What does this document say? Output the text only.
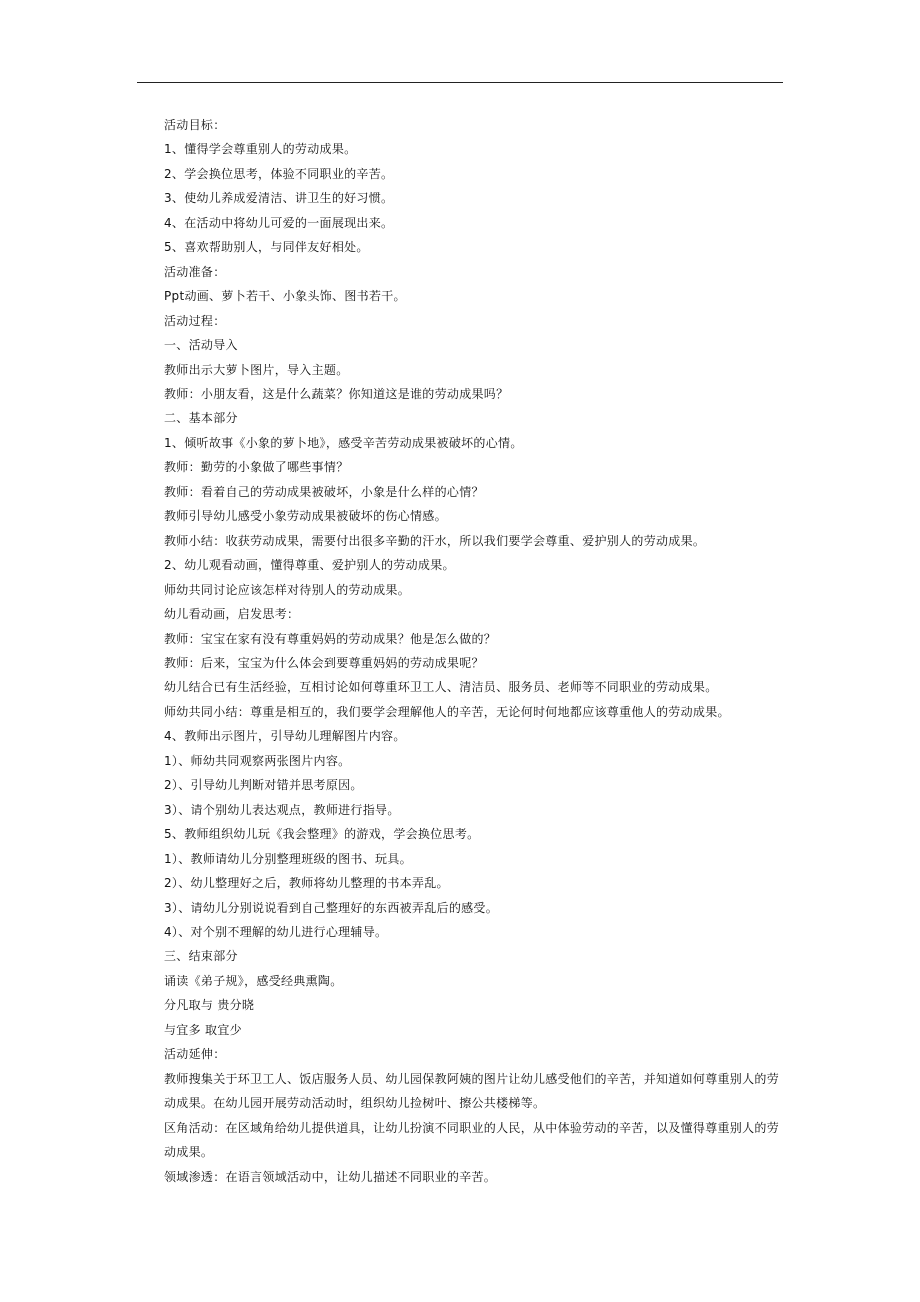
活动目标：
1、懂得学会尊重别人的劳动成果。
2、学会换位思考，体验不同职业的辛苦。
3、使幼儿养成爱清洁、讲卫生的好习惯。
4、在活动中将幼儿可爱的一面展现出来。
5、喜欢帮助别人，与同伴友好相处。
活动准备：
Ppt动画、萝卜若干、小象头饰、图书若干。
活动过程：
一、活动导入
教师出示大萝卜图片，导入主题。
教师：小朋友看，这是什么蔬菜？你知道这是谁的劳动成果吗？
二、基本部分
1、倾听故事《小象的萝卜地》，感受辛苦劳动成果被破坏的心情。
教师：勤劳的小象做了哪些事情？
教师：看着自己的劳动成果被破坏，小象是什么样的心情？
教师引导幼儿感受小象劳动成果被破坏的伤心情感。
教师小结：收获劳动成果，需要付出很多辛勤的汗水，所以我们要学会尊重、爱护别人的劳动成果。
2、幼儿观看动画，懂得尊重、爱护别人的劳动成果。
师幼共同讨论应该怎样对待别人的劳动成果。
幼儿看动画，启发思考：
教师：宝宝在家有没有尊重妈妈的劳动成果？他是怎么做的？
教师：后来，宝宝为什么体会到要尊重妈妈的劳动成果呢？
幼儿结合已有生活经验，互相讨论如何尊重环卫工人、清洁员、服务员、老师等不同职业的劳动成果。
师幼共同小结：尊重是相互的，我们要学会理解他人的辛苦，无论何时何地都应该尊重他人的劳动成果。
4、教师出示图片，引导幼儿理解图片内容。
1）、师幼共同观察两张图片内容。
2）、引导幼儿判断对错并思考原因。
3）、请个别幼儿表达观点，教师进行指导。
5、教师组织幼儿玩《我会整理》的游戏，学会换位思考。
1）、教师请幼儿分别整理班级的图书、玩具。
2）、幼儿整理好之后，教师将幼儿整理的书本弄乱。
3）、请幼儿分别说说看到自己整理好的东西被弄乱后的感受。
4）、对个别不理解的幼儿进行心理辅导。
三、结束部分
诵读《弟子规》，感受经典熏陶。
分凡取与 贵分晓
与宜多 取宜少
活动延伸：
教师搜集关于环卫工人、饭店服务人员、幼儿园保教阿姨的图片让幼儿感受他们的辛苦，并知道如何尊重别人的劳动成果。在幼儿园开展劳动活动时，组织幼儿捡树叶、擦公共楼梯等。
区角活动：在区域角给幼儿提供道具，让幼儿扮演不同职业的人民，从中体验劳动的辛苦，以及懂得尊重别人的劳动成果。
领域渗透：在语言领域活动中，让幼儿描述不同职业的辛苦。
